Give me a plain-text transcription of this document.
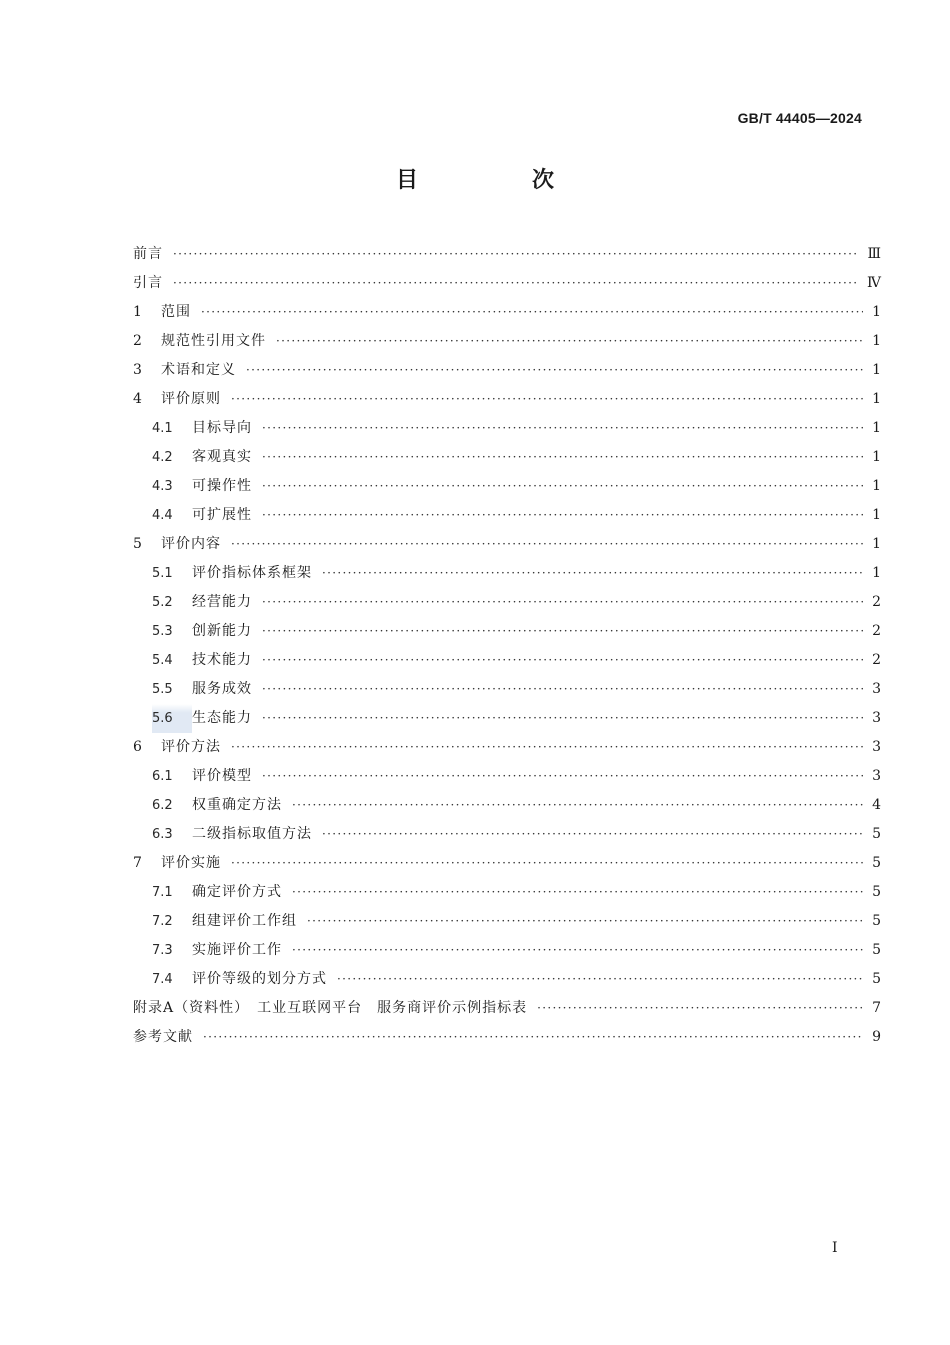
GB/T 44405—2024
目　次
前言 ·····	Ⅲ
引言 ·····	Ⅳ
1	范围 ·····	1
2	规范性引用文件 ·····	1
3	术语和定义 ·····	1
4	评价原则 ·····	1
4.1	目标导向 ·····	1
4.2	客观真实 ·····	1
4.3	可操作性 ·····	1
4.4	可扩展性 ·····	1
5	评价内容 ·····	1
5.1	评价指标体系框架 ·····	1
5.2	经营能力 ·····	2
5.3	创新能力 ·····	2
5.4	技术能力 ·····	2
5.5	服务成效 ·····	3
5.6	生态能力 ·····	3
6	评价方法 ·····	3
6.1	评价模型 ·····	3
6.2	权重确定方法 ·····	4
6.3	二级指标取值方法 ·····	5
7	评价实施 ·····	5
7.1	确定评价方式 ·····	5
7.2	组建评价工作组 ·····	5
7.3	实施评价工作 ·····	5
7.4	评价等级的划分方式 ·····	5
附录A（资料性）　工业互联网平台　服务商评价示例指标表 ·····	7
参考文献 ·····	9
I
